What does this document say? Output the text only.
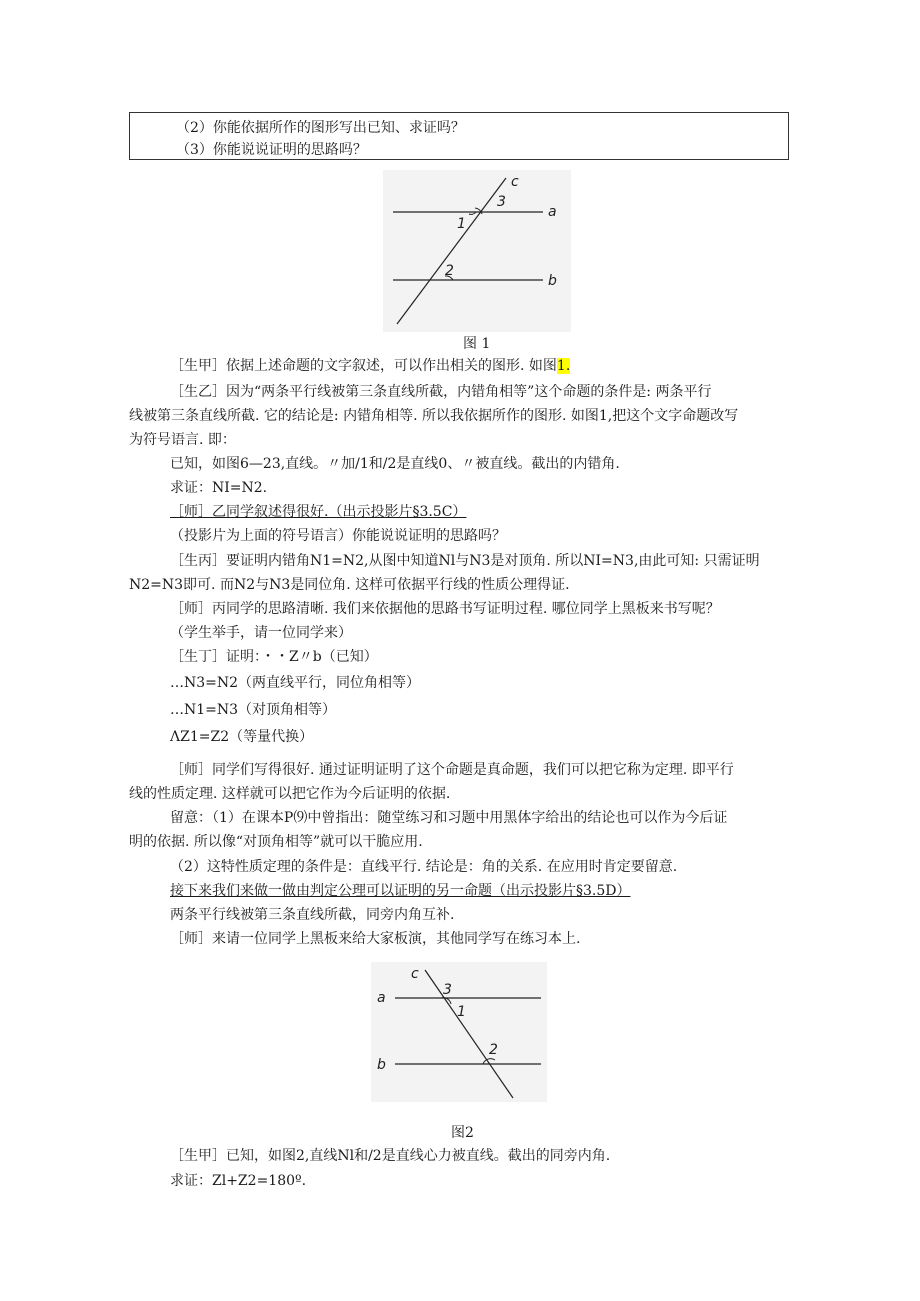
（2）你能依据所作的图形写出已知、求证吗？
（3）你能说说证明的思路吗？
c
a
b
1
3
2
图 1
［生甲］依据上述命题的文字叙述，可以作出相关的图形. 如图1.
［生乙］因为“两条平行线被第三条直线所截，内错角相等”这个命题的条件是: 两条平行
线被第三条直线所截. 它的结论是: 内错角相等. 所以我依据所作的图形. 如图1,把这个文字命题改写
为符号语言. 即：
已知，如图6—23,直线。〃加/1和/2是直线0、〃被直线。截出的内错角.
求证：NI=N2.
［师］乙同学叙述得很好.（出示投影片§3.5C）
（投影片为上面的符号语言）你能说说证明的思路吗？
［生丙］要证明内错角N1=N2,从图中知道Nl与N3是对顶角. 所以NI=N3,由此可知: 只需证明
N2=N3即可. 而N2与N3是同位角. 这样可依据平行线的性质公理得证.
［师］丙同学的思路清晰. 我们来依据他的思路书写证明过程. 哪位同学上黑板来书写呢？
（学生举手，请一位同学来）
［生丁］证明：・・Z〃b（已知）
…N3=N2（两直线平行，同位角相等）
…N1=N3（对顶角相等）
ΛZ1=Z2（等量代换）
［师］同学们写得很好. 通过证明证明了这个命题是真命题，我们可以把它称为定理. 即平行
线的性质定理. 这样就可以把它作为今后证明的依据.
留意：（1）在课本P⑼中曾指出：随堂练习和习题中用黑体字给出的结论也可以作为今后证
明的依据. 所以像“对顶角相等”就可以干脆应用.
（2）这特性质定理的条件是：直线平行. 结论是：角的关系. 在应用时肯定要留意.
接下来我们来做一做由判定公理可以证明的另一命题（出示投影片§3.5D）
两条平行线被第三条直线所截，同旁内角互补.
［师］来请一位同学上黑板来给大家板演，其他同学写在练习本上.
c
a
b
3
1
2
图2
［生甲］已知，如图2,直线Nl和/2是直线心力被直线。截出的同旁内角.
求证：Zl+Z2=180º.
